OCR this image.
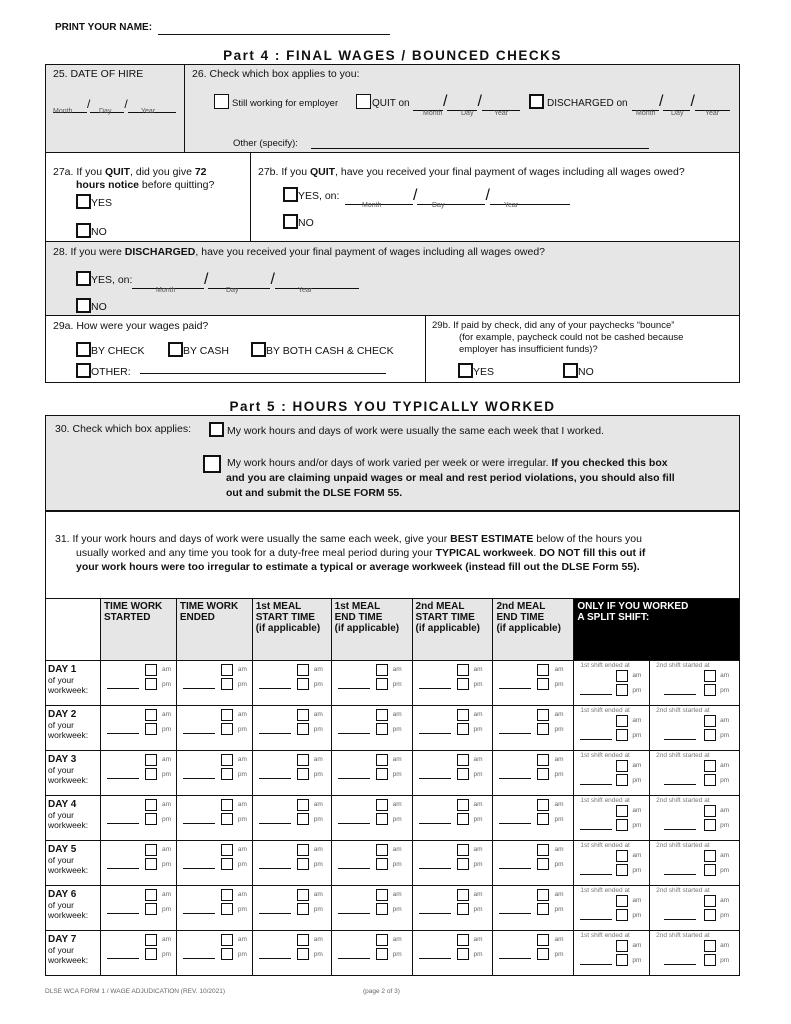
PRINT YOUR NAME:
Part 4 : FINAL WAGES / BOUNCED CHECKS
25. DATE OF HIRE
/	/
Month	Day	Year
26. Check which box applies to you:
Still working for employer	QUIT on	/ /
Month	Day	Year
DISCHARGED on	/ /
Month Day	Year
Other (specify):
27a. If you QUIT, did you give 72
hours notice before quitting?
YES
NO
27b. If you QUIT, have you received your final payment of wages including all wages owed?
YES, on:	/	/
Month	Day	Year
NO
28. If you were DISCHARGED, have you received your final payment of wages including all wages owed?
YES, on:	/	/
Month	Day	Year
NO
29a. How were your wages paid?
BY CHECK	BY CASH	BY BOTH CASH & CHECK
OTHER:
29b. If paid by check, did any of your paychecks “bounce”
(for example, paycheck could not be cashed because
employer has insufficient funds)?
YES	NO
Part 5 : HOURS YOU TYPICALLY WORKED
30. Check which box applies:	My work hours and days of work were usually the same each week that I worked.
My work hours and/or days of work varied per week or were irregular. If you checked this box
and you are claiming unpaid wages or meal and rest period violations, you should also fill
out and submit the DLSE FORM 55.
31. If your work hours and days of work were usually the same each week, give your BEST ESTIMATE below of the hours you
usually worked and any time you took for a duty-free meal period during your TYPICAL workweek. DO NOT fill this out if
your work hours were too irregular to estimate a typical or average workweek (instead fill out the DLSE Form 55).
	TIME WORK
STARTED	TIME WORK
ENDED	1st MEAL
START TIME
(if applicable)	1st MEAL
END TIME
(if applicable)	2nd MEAL
START TIME
(if applicable)	2nd MEAL
END TIME
(if applicable)	ONLY IF YOU WORKED
A SPLIT SHIFT:	

DAY 1
of your
workweek:	am
pm	am
pm	am
pm	am
pm	am
pm	am
pm	1st shift ended at
am
pm	2nd shift started at
am
pm

DAY 2
of your
workweek:	am
pm	am
pm	am
pm	am
pm	am
pm	am
pm	1st shift ended at
am
pm	2nd shift started at
am
pm

DAY 3
of your
workweek:	am
pm	am
pm	am
pm	am
pm	am
pm	am
pm	1st shift ended at
am
pm	2nd shift started at
am
pm

DAY 4
of your
workweek:	am
pm	am
pm	am
pm	am
pm	am
pm	am
pm	1st shift ended at
am
pm	2nd shift started at
am
pm

DAY 5
of your
workweek:	am
pm	am
pm	am
pm	am
pm	am
pm	am
pm	1st shift ended at
am
pm	2nd shift started at
am
pm

DAY 6
of your
workweek:	am
pm	am
pm	am
pm	am
pm	am
pm	am
pm	1st shift ended at
am
pm	2nd shift started at
am
pm

DAY 7
of your
workweek:	am
pm	am
pm	am
pm	am
pm	am
pm	am
pm	1st shift ended at
am
pm	2nd shift started at
am
pm
DLSE WCA FORM 1 / WAGE ADJUDICATION (REV. 10/2021)	(page 2 of 3)
